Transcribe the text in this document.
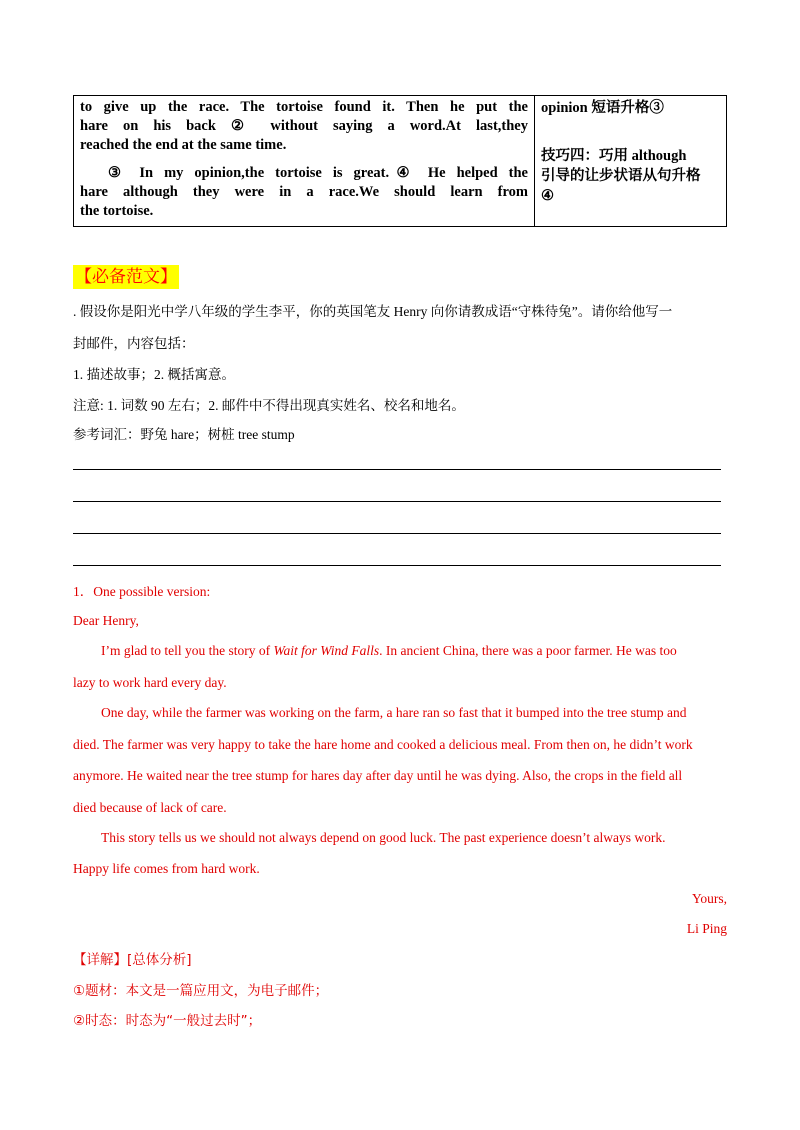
to give up the race. The tortoise found it. Then he put the

hare on his back ② without saying a word.At last,they

reached the end at the same time.

③ In my opinion,the tortoise is great.④ He helped the

hare although they were in a race.We should learn from

the tortoise.

opinion 短语升格③

技巧四：巧用 although

引导的让步状语从句升格

④

【必备范文】
. 假设你是阳光中学八年级的学生李平，你的英国笔友 Henry 向你请教成语“守株待兔”。请你给他写一
封邮件，内容包括：
1. 描述故事；2. 概括寓意。
注意: 1. 词数 90 左右；2. 邮件中不得出现真实姓名、校名和地名。
参考词汇：野兔 hare；树桩 tree stump
1．One possible version:
Dear Henry,
I’m glad to tell you the story of Wait for Wind Falls. In ancient China, there was a poor farmer. He was too
lazy to work hard every day.
One day, while the farmer was working on the farm, a hare ran so fast that it bumped into the tree stump and
died. The farmer was very happy to take the hare home and cooked a delicious meal. From then on, he didn’t work
anymore. He waited near the tree stump for hares day after day until he was dying. Also, the crops in the field all
died because of lack of care.
This story tells us we should not always depend on good luck. The past experience doesn’t always work.
Happy life comes from hard work.
Yours,
Li Ping
【详解】[总体分析]
①题材：本文是一篇应用文，为电子邮件；
②时态：时态为“一般过去时”；
